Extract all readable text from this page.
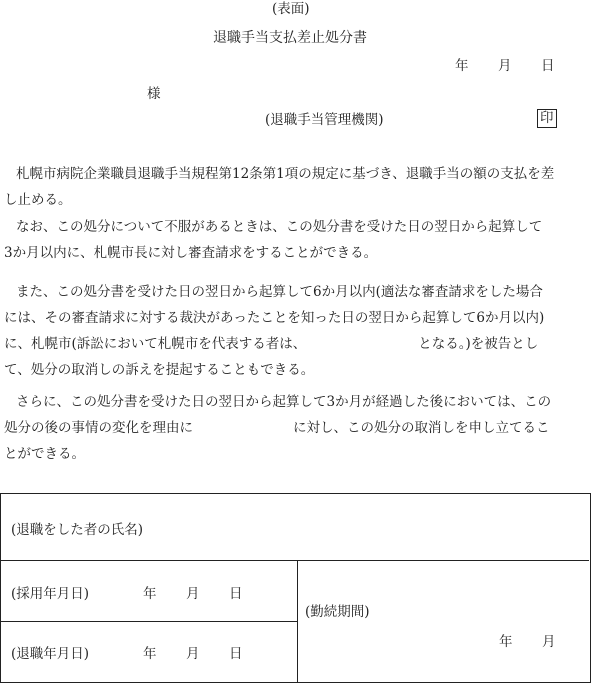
(表面)
退職手当支払差止処分書
年 月 日
様
(退職手当管理機関)	印
札幌市病院企業職員退職手当規程第12条第1項の規定に基づき、退職手当の額の支払を差
し止める。
なお、この処分について不服があるときは、この処分書を受けた日の翌日から起算して
3か月以内に、札幌市長に対し審査請求をすることができる。
また、この処分書を受けた日の翌日から起算して6か月以内(適法な審査請求をした場合
には、その審査請求に対する裁決があったことを知った日の翌日から起算して6か月以内)
に、札幌市(訴訟において札幌市を代表する者は、	となる。)を被告とし
て、処分の取消しの訴えを提起することもできる。
さらに、この処分書を受けた日の翌日から起算して3か月が経過した後においては、この
処分の後の事情の変化を理由に	に対し、この処分の取消しを申し立てるこ
とができる。
(退職をした者の氏名)
(採用年月日)	年 月 日
(退職年月日)	年 月 日
(勤続期間)
年 月
